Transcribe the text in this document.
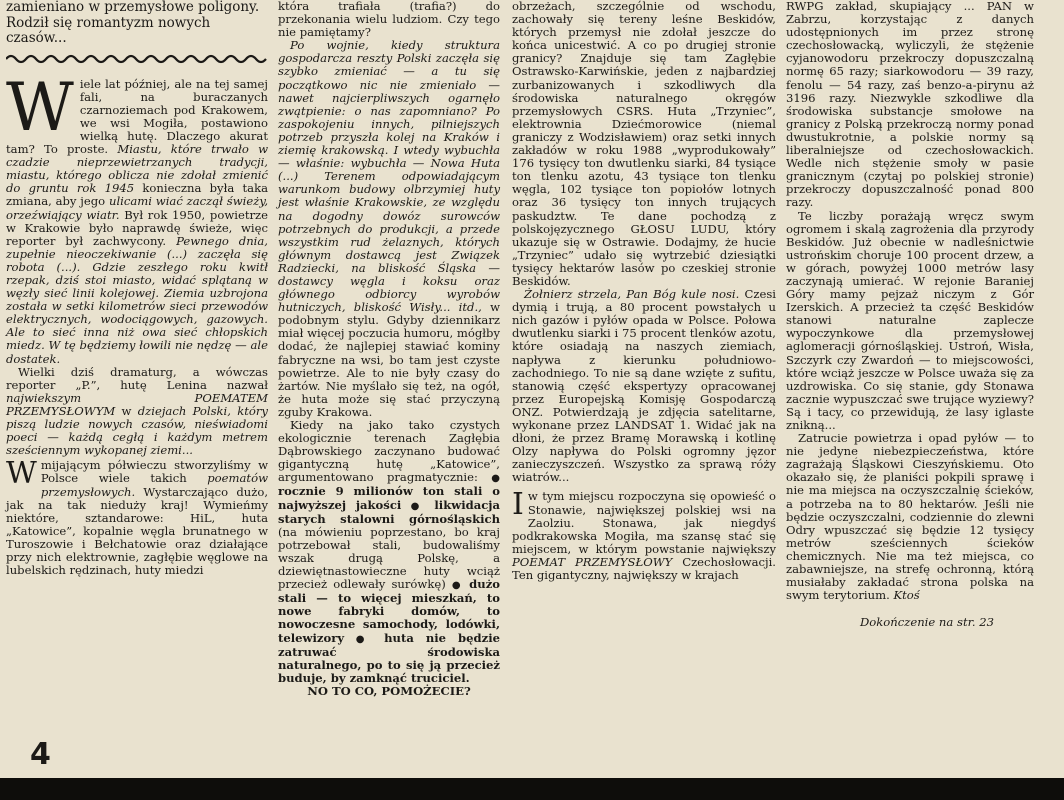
zamieniano w przemysłowe poligony. Rodził się romantyzm nowych czasów...

Wiele lat później, ale na tej samej fali, na buraczanych czarnoziemach pod Krakowem, we wsi Mogiła, postawiono wielką hutę. Dlaczego akurat tam? To proste. Miastu, które trwało w czadzie nieprzewietrzanych tradycji, miastu, którego oblicza nie zdołał zmienić do gruntu rok 1945 konieczna była taka zmiana, aby jego ulicami wiać zaczął świeży, orzeźwiający wiatr. Był rok 1950, powietrze w Krakowie było naprawdę świeże, więc reporter był zachwycony. Pewnego dnia, zupełnie nieoczekiwanie (...) zaczęła się robota (...). Gdzie zeszłego roku kwitł rzepak, dziś stoi miasto, widać splątaną w węzły sieć linii kolejowej. Ziemia uzbrojona została w setki kilometrów sieci przewodów elektrycznych, wodociągowych, gazowych. Ale to sieć inna niż owa sieć chłopskich miedz. W tę będziemy łowili nie nędzę — ale dostatek.

Wielki dziś dramaturg, a wówczas reporter „P.”, hutę Lenina nazwał najwiekszym POEMATEM PRZEMYSŁOWYM w dziejach Polski, który piszą ludzie nowych czasów, nieświadomi poeci — każdą cegłą i każdym metrem sześciennym wykopanej ziemi...

Wmijającym półwieczu stworzyliśmy w Polsce wiele takich poematów przemysłowych. Wystarczająco dużo, jak na tak niedużу kraj! Wymieńmy niektóre, sztandarowe: HiL, huta „Katowice”, kopalnie węgla brunatnego w Turoszowie i Bełchatowie oraz działające przy nich elektrownie, zagłębie węglowe na lubelskich rędzinach, huty miedzi

która trafiała (trafia?) do przekonania wielu ludziom. Czy tego nie pamiętamy?

Po wojnie, kiedy struktura gospodarcza reszty Polski zaczęła się szybko zmieniać — a tu się początkowo nic nie zmieniało — nawet najcierpliwszych ogarnęło zwątpienie: o nas zapomniano? Po zaspokojeniu innych, pilniejszych potrzeb przyszła kolej na Kraków i ziemię krakowską. I wtedy wybuchła — właśnie: wybuchła — Nowa Huta (...) Terenem odpowiadającym warunkom budowy olbrzymiej huty jest właśnie Krakowskie, ze względu na dogodny dowóz surowców potrzebnych do produkcji, a przede wszystkim rud żelaznych, których głównym dostawcą jest Związek Radziecki, na bliskość Śląska — dostawcy węgla i koksu oraz głównego odbiorcy wyrobów hutniczych, bliskość Wisły... itd., w podobnym stylu. Gdyby dziennikarz miał więcej poczucia humoru, mógłby dodać, że najlepiej stawiać kominy fabryczne na wsi, bo tam jest czyste powietrze. Ale to nie były czasy do żartów. Nie myślało się też, na ogół, że huta może się stać przyczyną zguby Krakowa.

Kiedy na jako tako czystych ekologicznie terenach Zagłębia Dąbrowskiego zaczynano budować gigantyczną hutę „Katowice”, argumentowano pragmatycznie: ● rocznie 9 milionów ton stali o najwyższej jakości ● likwidacja starych stalowni górnośląskich (na mówieniu poprzestano, bo kraj potrzebował stali, budowaliśmy wszak drugą Polskę, a dziewiętnastowieczne huty wciąż przecież odlewały surówkę) ● dużo stali — to więcej mieszkań, to nowe fabryki domów, to nowoczesne samochody, lodówki, telewizory ● huta nie będzie zatruwać środowiska naturalnego, po to się ją przecież buduje, by zamknąć truciciel.

NO TO CO, POMOŻECIE?

obrzeżach, szczególnie od wschodu, zachowały się tereny leśne Beskidów, których przemysł nie zdołał jeszcze do końca unicestwić. A co po drugiej stronie granicy? Znajduje się tam Zagłębie Ostrawsko-Karwińskie, jeden z najbardziej zurbanizowanych i szkodliwych dla środowiska naturalnego okręgów przemysłowych CSRS. Huta „Trzyniec”, elektrownia Dziećmorowice (niemal graniczy z Wodzisławiem) oraz setki innych zakładów w roku 1988 „wyprodukowały” 176 tysięcy ton dwutlenku siarki, 84 tysiące ton tlenku azotu, 43 tysiące ton tlenku węgla, 102 tysiące ton popiołów lotnych oraz 36 tysięcy ton innych trujących paskudztw. Te dane pochodzą z polskojęzycznego GŁOSU LUDU, który ukazuje się w Ostrawie. Dodajmy, że hucie „Trzyniec” udało się wytrzebić dziesiątki tysięcy hektarów lasów po czeskiej stronie Beskidów.

Żołnierz strzela, Pan Bóg kule nosi. Czesi dymią i trują, a 80 procent powstałych u nich gazów i pyłów opada w Polsce. Połowa dwutlenku siarki i 75 procent tlenków azotu, które osiadają na naszych ziemiach, napływa z kierunku południowo-zachodniego. To nie są dane wzięte z sufitu, stanowią część ekspertyzy opracowanej przez Europejską Komisję Gospodarczą ONZ. Potwierdzają je zdjęcia satelitarne, wykonane przez LANDSAT 1. Widać jak na dłoni, że przez Bramę Morawską i kotlinę Olzy napływa do Polski ogromny jęzor zanieczyszczeń. Wszystko za sprawą róży wiatrów...

Iw tym miejscu rozpoczyna się opowieść o Stonawie, największej polskiej wsi na Zaolziu. Stonawa, jak niegdyś podkrakowska Mogiła, ma szansę stać się miejscem, w którym powstanie największy POEMAT PRZEMYSŁOWY Czechosłowacji. Ten gigantyczny, największy w krajach

RWPG zakład, skupiający ... PAN w Zabrzu, korzystając z danych udostępnionych im przez stronę czechosłowacką, wyliczyli, że stężenie cyjanowodoru przekroczy dopuszczalną normę 65 razy; siarkowodoru — 39 razy, fenolu — 54 razy, zaś benzo-a-pirynu aż 3196 razy. Niezwykle szkodliwe dla środowiska substancje smołowe na granicy z Polską przekroczą normy ponad dwustukrotnie, a polskie normy są liberalniejsze od czechosłowackich. Wedle nich stężenie smoły w pasie granicznym (czytaj po polskiej stronie) przekroczy dopuszczalność ponad 800 razy.

Te liczby porażają wręcz swym ogromem i skalą zagrożenia dla przyrody Beskidów. Już obecnie w nadleśnictwie ustrońskim choruje 100 procent drzew, a w górach, powyżej 1000 metrów lasy zaczynają umierać. W rejonie Baraniej Góry mamy pejzaż niczym z Gór Izerskich. A przecież ta część Beskidów stanowi naturalne zaplecze wypoczynkowe dla przemysłowej aglomeracji górnośląskiej. Ustroń, Wisła, Szczyrk czy Zwardoń — to miejscowości, które wciąż jeszcze w Polsce uważa się za uzdrowiska. Co się stanie, gdy Stonawa zacznie wypuszczać swe trujące wyziewy? Są i tacy, co przewidują, że lasy iglaste znikną...

Zatrucie powietrza i opad pyłów — to nie jedyne niebezpieczeństwa, które zagrażają Śląskowi Cieszyńskiemu. Oto okazało się, że planiści pokpili sprawę i nie ma miejsca na oczyszczalnię ścieków, a potrzeba na to 80 hektarów. Jeśli nie będzie oczyszczalni, codziennie do zlewni Odry wpuszczać się będzie 12 tysięcy metrów sześciennych ścieków chemicznych. Nie ma też miejsca, co zabawniejsze, na strefę ochronną, którą musiałaby zakładać strona polska na swym terytorium. Ktoś

Dokończenie na str. 23

4
